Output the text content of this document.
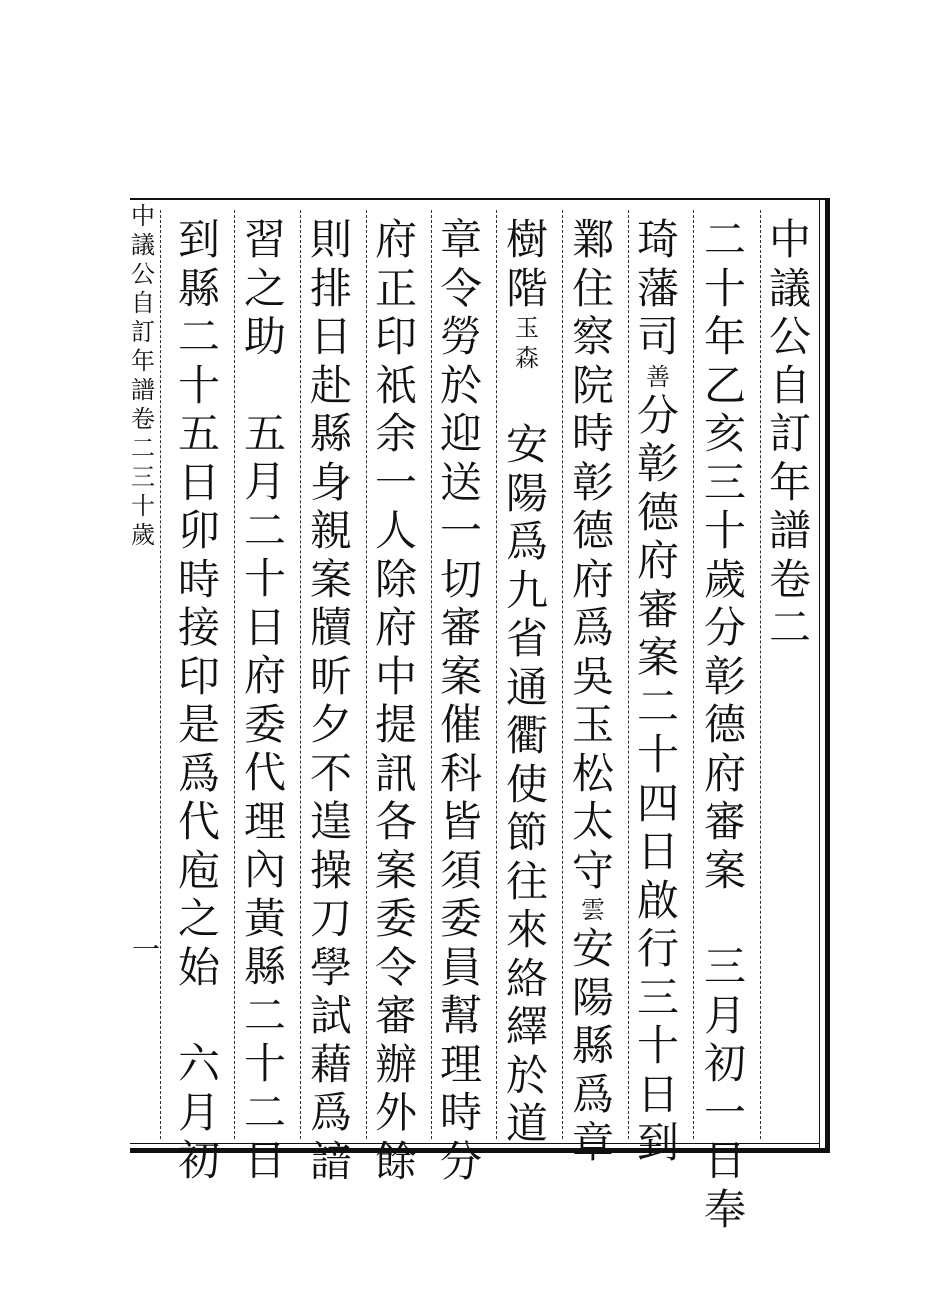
中
議
公
自
訂
年
譜
卷
二
三
十
歲
一
中
議
公
自
訂
年
譜
卷
二
二
十
年
乙
亥
三
十
歲
分
彰
德
府
審
案
三
月
初
一
日
奉
琦
藩
司
善
分
彰
德
府
審
案
二
十
四
日
啟
行
三
十
日
到
鄴
住
察
院
時
彰
德
府
爲
吳
玉
松
太
守
雲
安
陽
縣
爲
章
樹
階
玉
森
安
陽
爲
九
省
通
衢
使
節
往
來
絡
繹
於
道
章
令
勞
於
迎
送
一
切
審
案
催
科
皆
須
委
員
幫
理
時
分
府
正
印
祇
余
一
人
除
府
中
提
訊
各
案
委
令
審
辦
外
餘
則
排
日
赴
縣
身
親
案
牘
昕
夕
不
遑
操
刀
學
試
藉
爲
諳
習
之
助
五
月
二
十
日
府
委
代
理
內
黃
縣
二
十
二
日
到
縣
二
十
五
日
卯
時
接
印
是
爲
代
庖
之
始
六
月
初
